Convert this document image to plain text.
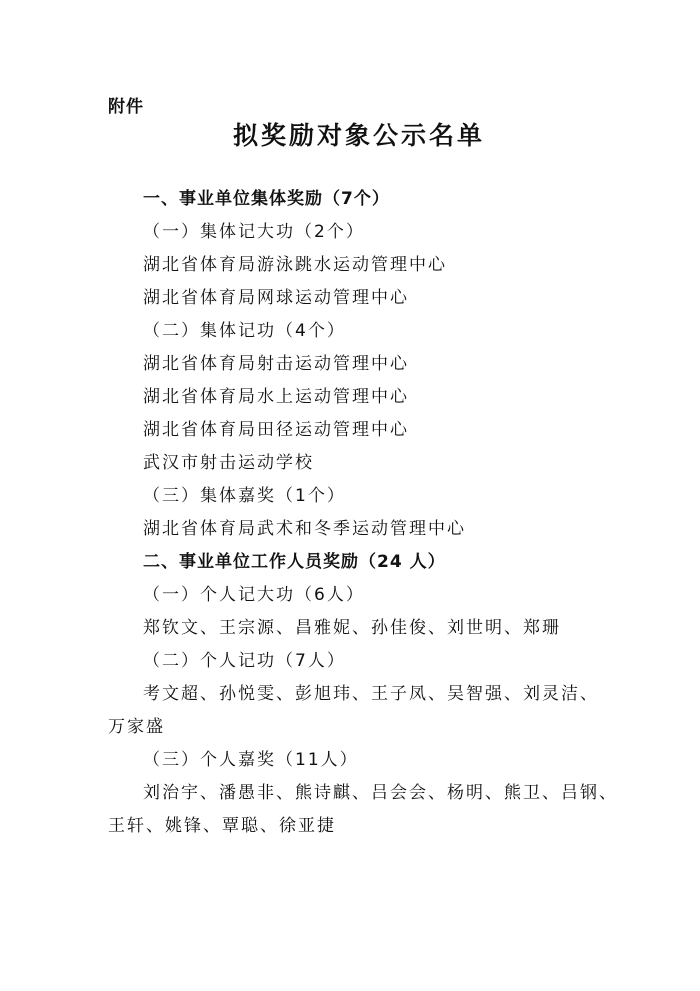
附件
拟奖励对象公示名单
一、事业单位集体奖励（7个）
（一）集体记大功（2个）
湖北省体育局游泳跳水运动管理中心
湖北省体育局网球运动管理中心
（二）集体记功（4个）
湖北省体育局射击运动管理中心
湖北省体育局水上运动管理中心
湖北省体育局田径运动管理中心
武汉市射击运动学校
（三）集体嘉奖（1个）
湖北省体育局武术和冬季运动管理中心
二、事业单位工作人员奖励（24 人）
（一）个人记大功（6人）
郑钦文、王宗源、昌雅妮、孙佳俊、刘世明、郑珊
（二）个人记功（7人）
考文超、孙悦雯、彭旭玮、王子凤、吴智强、刘灵洁、
万家盛
（三）个人嘉奖（11人）
刘治宇、潘愚非、熊诗麒、吕会会、杨明、熊卫、吕钢、
王轩、姚锋、覃聪、徐亚捷
